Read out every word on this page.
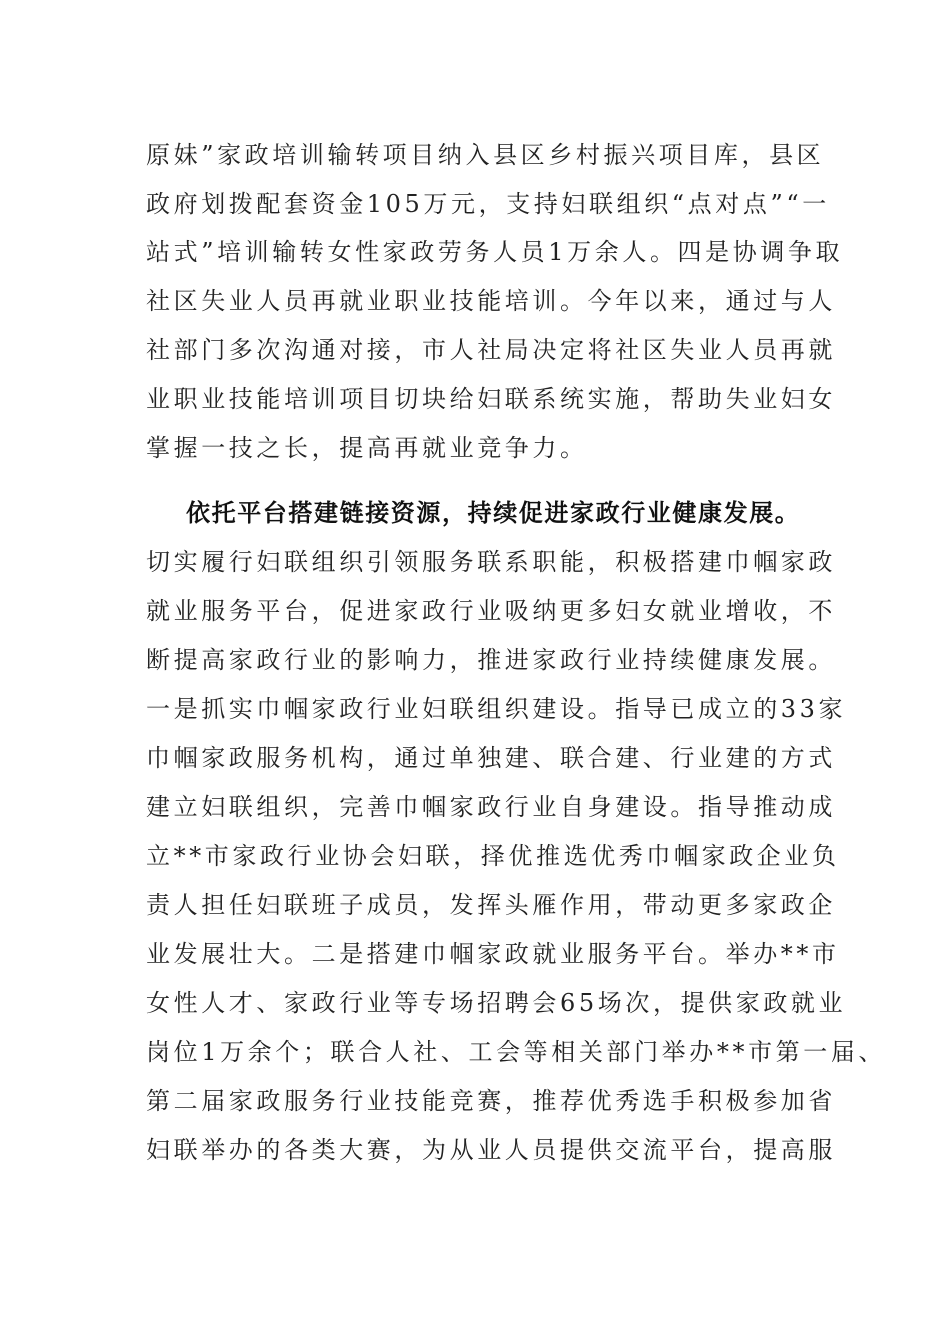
原妹”家政培训输转项目纳入县区乡村振兴项目库，县区

政府划拨配套资金105万元，支持妇联组织“点对点”“一

站式”培训输转女性家政劳务人员1万余人。四是协调争取

社区失业人员再就业职业技能培训。今年以来，通过与人

社部门多次沟通对接，市人社局决定将社区失业人员再就

业职业技能培训项目切块给妇联系统实施，帮助失业妇女

掌握一技之长，提高再就业竞争力。

依托平台搭建链接资源，持续促进家政行业健康发展。

切实履行妇联组织引领服务联系职能，积极搭建巾帼家政

就业服务平台，促进家政行业吸纳更多妇女就业增收，不

断提高家政行业的影响力，推进家政行业持续健康发展。

一是抓实巾帼家政行业妇联组织建设。指导已成立的33家

巾帼家政服务机构，通过单独建、联合建、行业建的方式

建立妇联组织，完善巾帼家政行业自身建设。指导推动成

立**市家政行业协会妇联，择优推选优秀巾帼家政企业负

责人担任妇联班子成员，发挥头雁作用，带动更多家政企

业发展壮大。二是搭建巾帼家政就业服务平台。举办**市

女性人才、家政行业等专场招聘会65场次，提供家政就业

岗位1万余个；联合人社、工会等相关部门举办**市第一届、

第二届家政服务行业技能竞赛，推荐优秀选手积极参加省

妇联举办的各类大赛，为从业人员提供交流平台，提高服
